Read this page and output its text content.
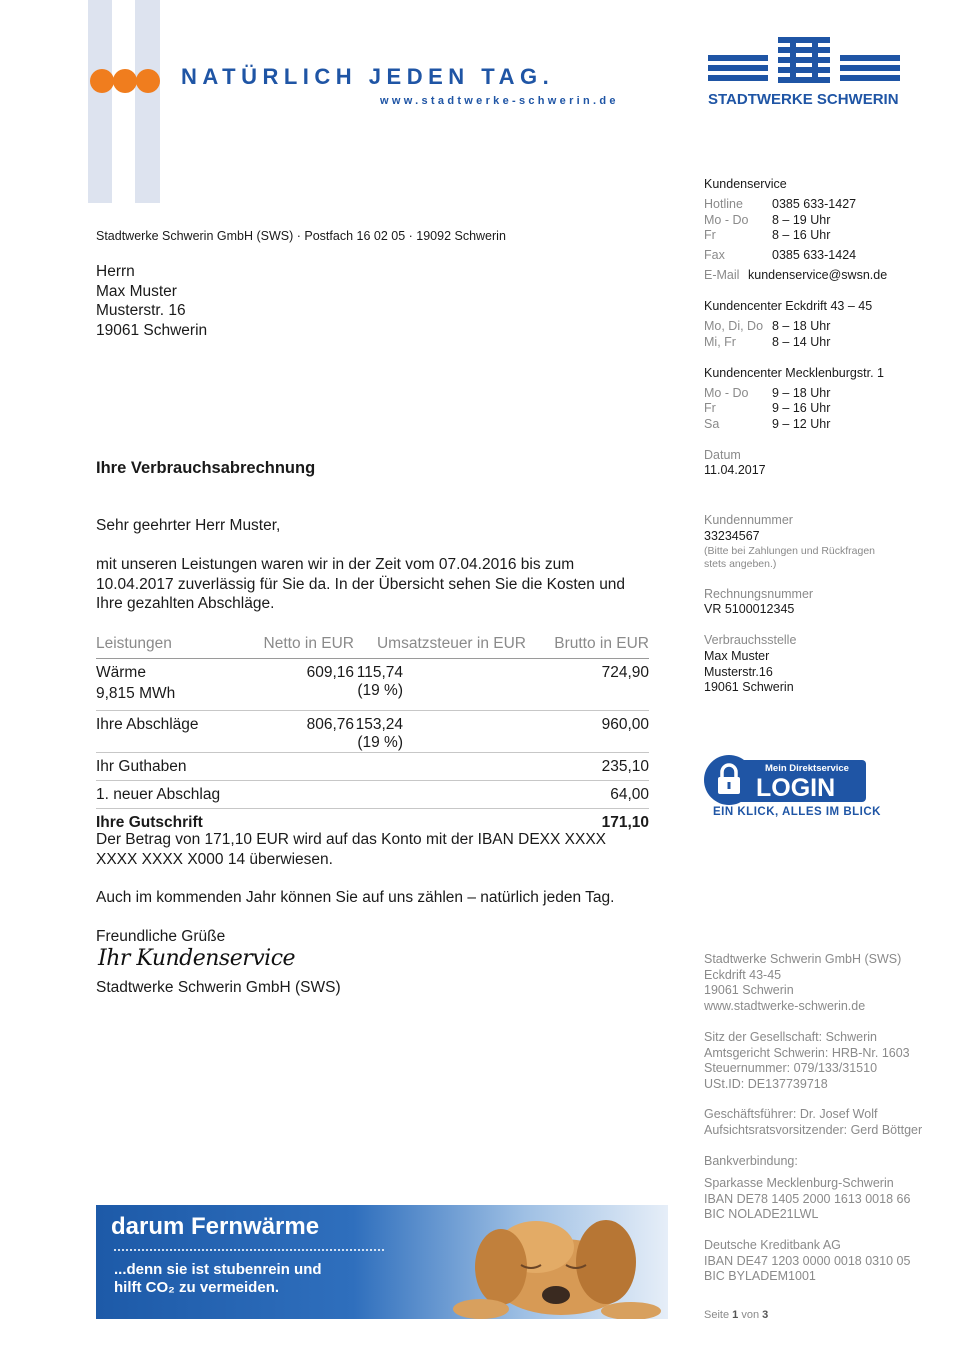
NATÜRLICH JEDEN TAG.
www.stadtwerke-schwerin.de	STADTWERKE SCHWERIN
Stadtwerke Schwerin GmbH (SWS) · Postfach 16 02 05 · 19092 Schwerin
Herrn
Max Muster
Musterstr. 16
19061 Schwerin
Ihre Verbrauchsabrechnung
Sehr geehrter Herr Muster,
mit unseren Leistungen waren wir in der Zeit vom 07.04.2016 bis zum
10.04.2017 zuverlässig für Sie da. In der Übersicht sehen Sie die Kosten und
Ihre gezahlten Abschläge.
Leistungen	Netto in EUR	Umsatzsteuer in EUR	Brutto in EUR

Wärme
9,815 MWh	609,16	115,74 (19 %)	724,90
Ihre Abschläge	806,76	153,24 (19 %)	960,00
Ihr Guthaben			235,10
1. neuer Abschlag			64,00
Ihre Gutschrift			171,10
Der Betrag von 171,10 EUR wird auf das Konto mit der IBAN DEXX XXXX
XXXX XXXX X000 14 überwiesen.
Auch im kommenden Jahr können Sie auf uns zählen – natürlich jeden Tag.
Freundliche Grüße
Ihr Kundenservice
Stadtwerke Schwerin GmbH (SWS)
Kundenservice
Hotline 0385 633-1427
Mo - Do 8 – 19 Uhr
Fr	8 – 16 Uhr
Fax	0385 633-1424
E-Mail kundenservice@swsn.de
Kundencenter Eckdrift 43 – 45
Mo, Di, Do 8 – 18 Uhr
Mi, Fr	8 – 14 Uhr
Kundencenter Mecklenburgstr. 1
Mo - Do 9 – 18 Uhr
Fr	9 – 16 Uhr
Sa	9 – 12 Uhr
Datum
11.04.2017
Kundennummer
33234567
(Bitte bei Zahlungen und Rückfragen
stets angeben.)
Rechnungsnummer
VR 5100012345
Verbrauchsstelle
Max Muster
Musterstr.16
19061 Schwerin
Mein Direktservice
LOGIN
EIN KLICK, ALLES IM BLICK
Stadtwerke Schwerin GmbH (SWS)
Eckdrift 43-45
19061 Schwerin
www.stadtwerke-schwerin.de
Sitz der Gesellschaft: Schwerin
Amtsgericht Schwerin: HRB-Nr. 1603
Steuernummer: 079/133/31510
USt.ID: DE137739718
Geschäftsführer: Dr. Josef Wolf
Aufsichtsratsvorsitzender: Gerd Böttger
Bankverbindung:
Sparkasse Mecklenburg-Schwerin
IBAN DE78 1405 2000 1613 0018 66
BIC NOLADE21LWL
Deutsche Kreditbank AG
IBAN DE47 1203 0000 0018 0310 05
BIC BYLADEM1001
Seite 1 von 3
darum Fernwärme
...denn sie ist stubenrein und
hilft CO₂ zu vermeiden.
